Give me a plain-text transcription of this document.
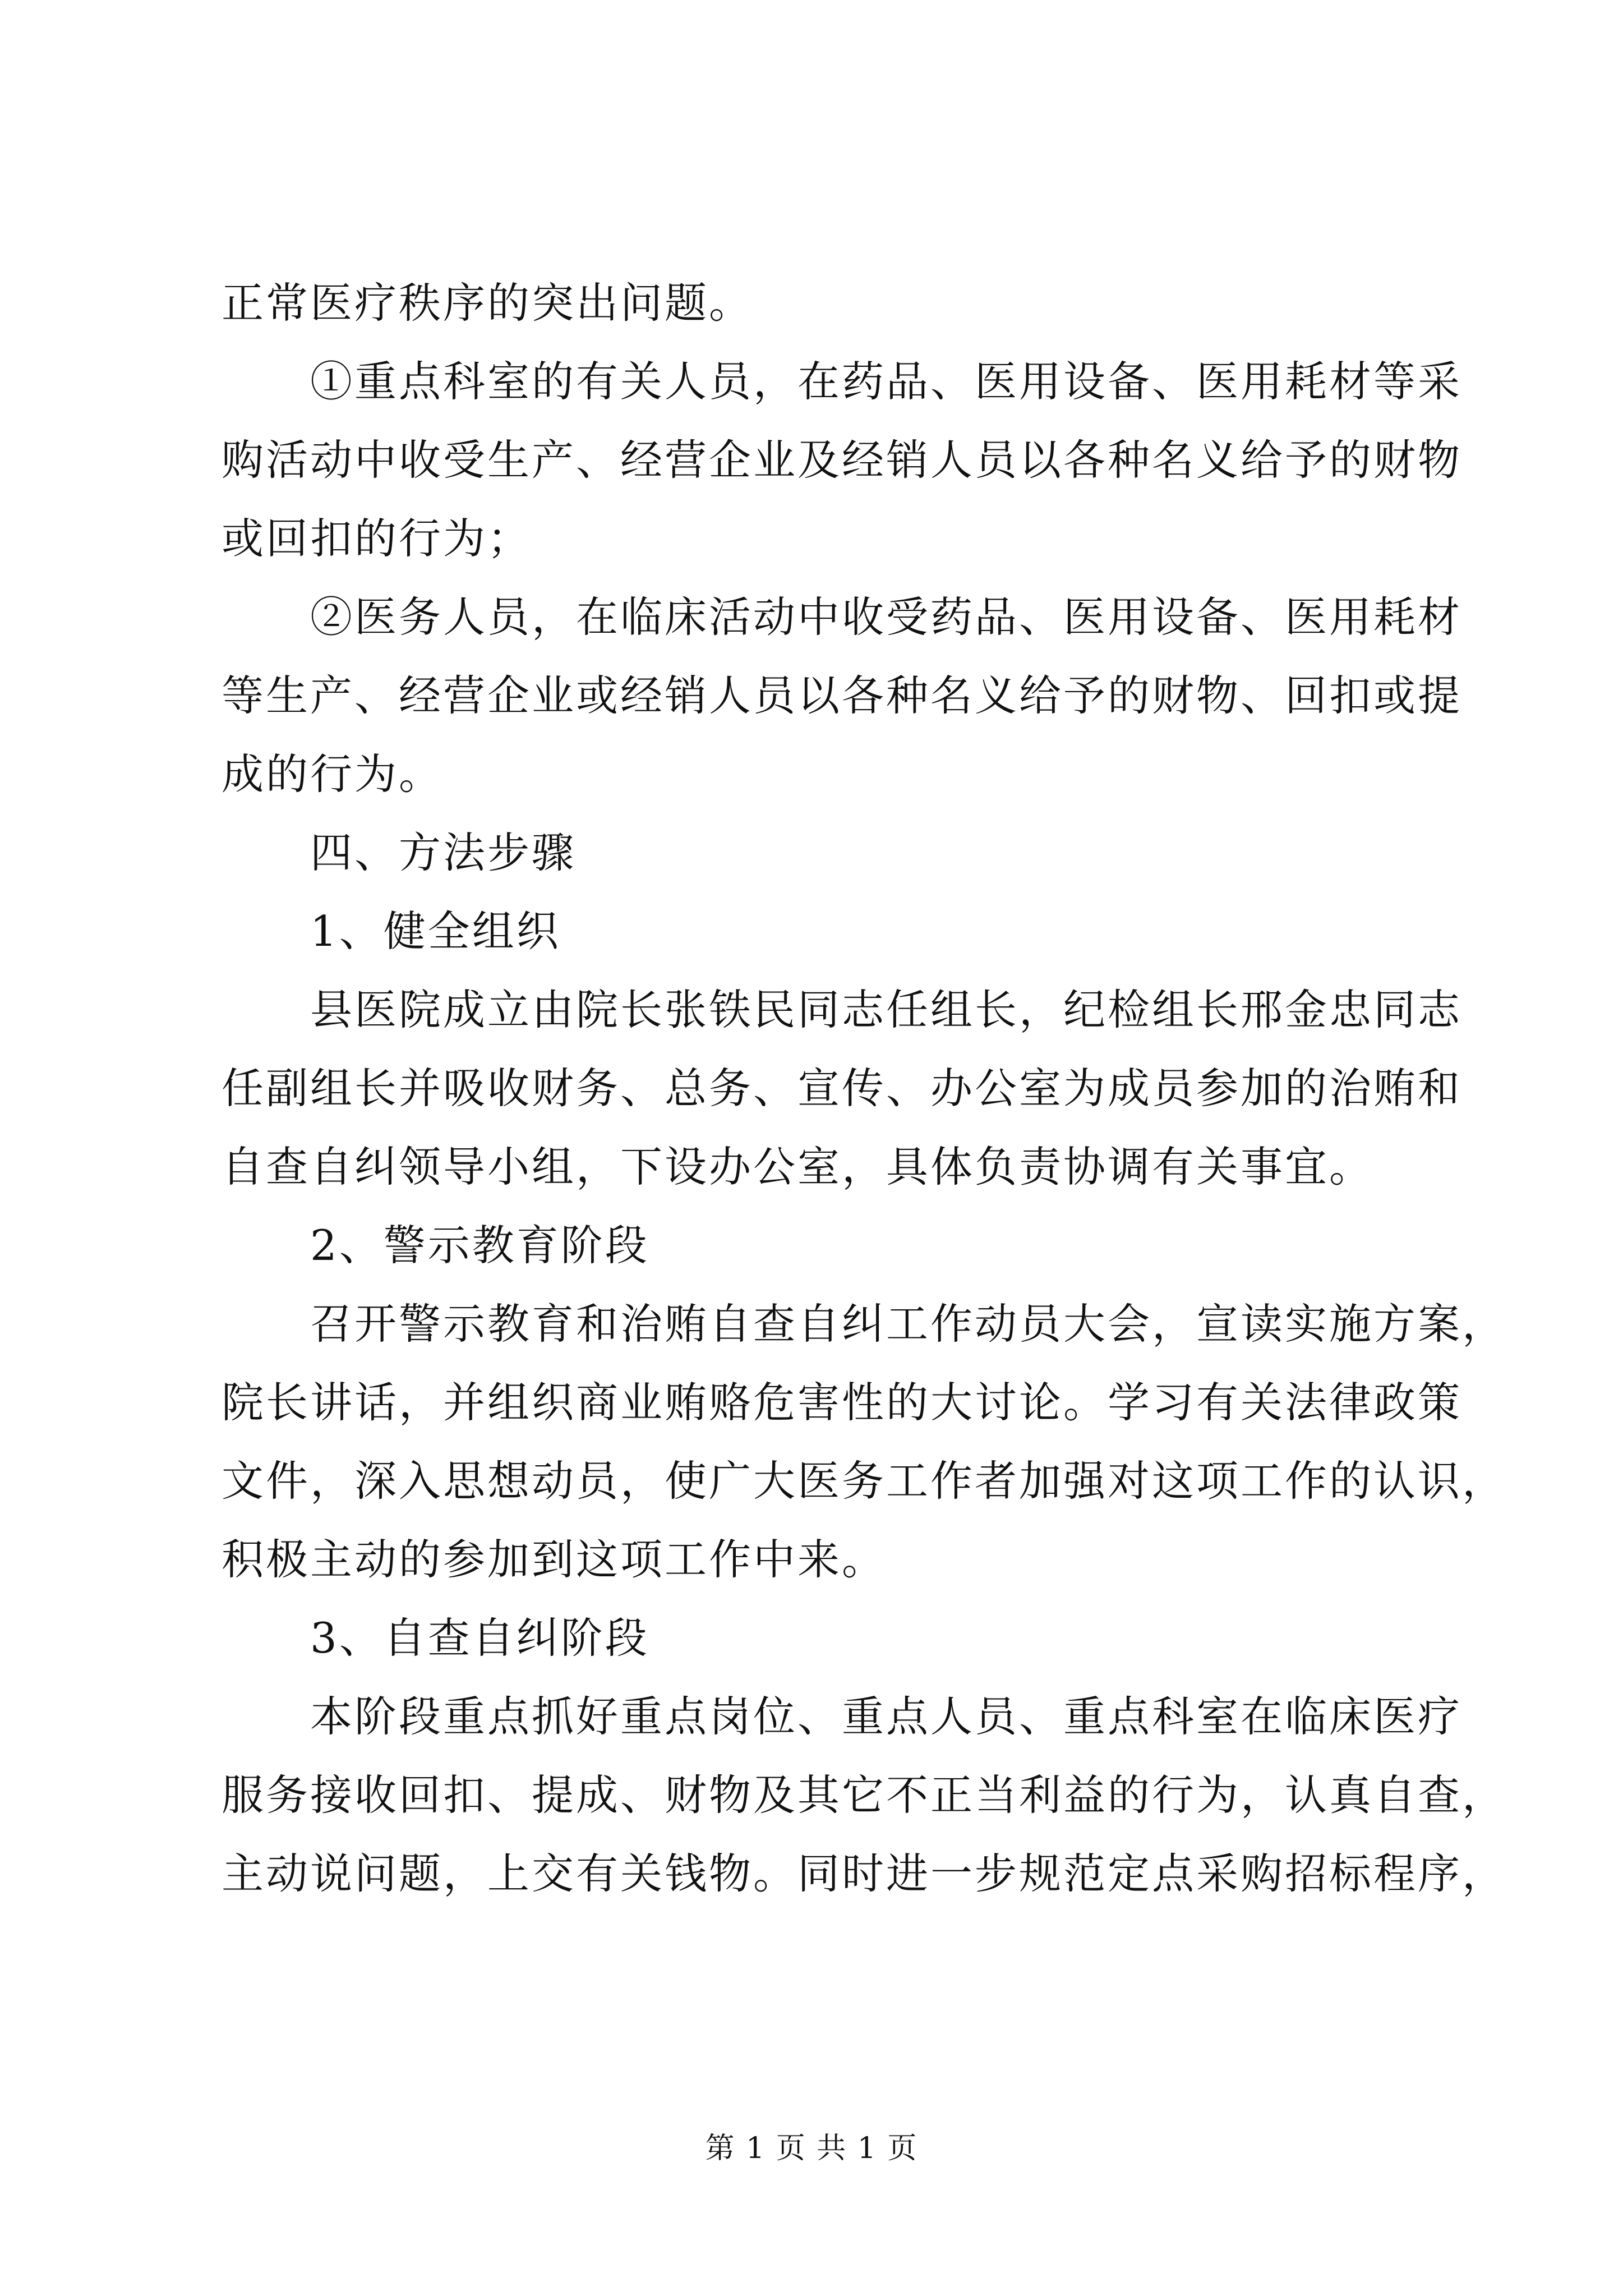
正常医疗秩序的突出问题。
①重点科室的有关人员，在药品、医用设备、医用耗材等采
购活动中收受生产、经营企业及经销人员以各种名义给予的财物
或回扣的行为；
②医务人员，在临床活动中收受药品、医用设备、医用耗材
等生产、经营企业或经销人员以各种名义给予的财物、回扣或提
成的行为。
四、方法步骤
1、健全组织
县医院成立由院长张铁民同志任组长，纪检组长邢金忠同志
任副组长并吸收财务、总务、宣传、办公室为成员参加的治贿和
自查自纠领导小组，下设办公室，具体负责协调有关事宜。
2、警示教育阶段
召开警示教育和治贿自查自纠工作动员大会，宣读实施方案，
院长讲话，并组织商业贿赂危害性的大讨论。学习有关法律政策
文件，深入思想动员，使广大医务工作者加强对这项工作的认识，
积极主动的参加到这项工作中来。
3、自查自纠阶段
本阶段重点抓好重点岗位、重点人员、重点科室在临床医疗
服务接收回扣、提成、财物及其它不正当利益的行为，认真自查，
主动说问题，上交有关钱物。同时进一步规范定点采购招标程序，
第 1 页 共 1 页
